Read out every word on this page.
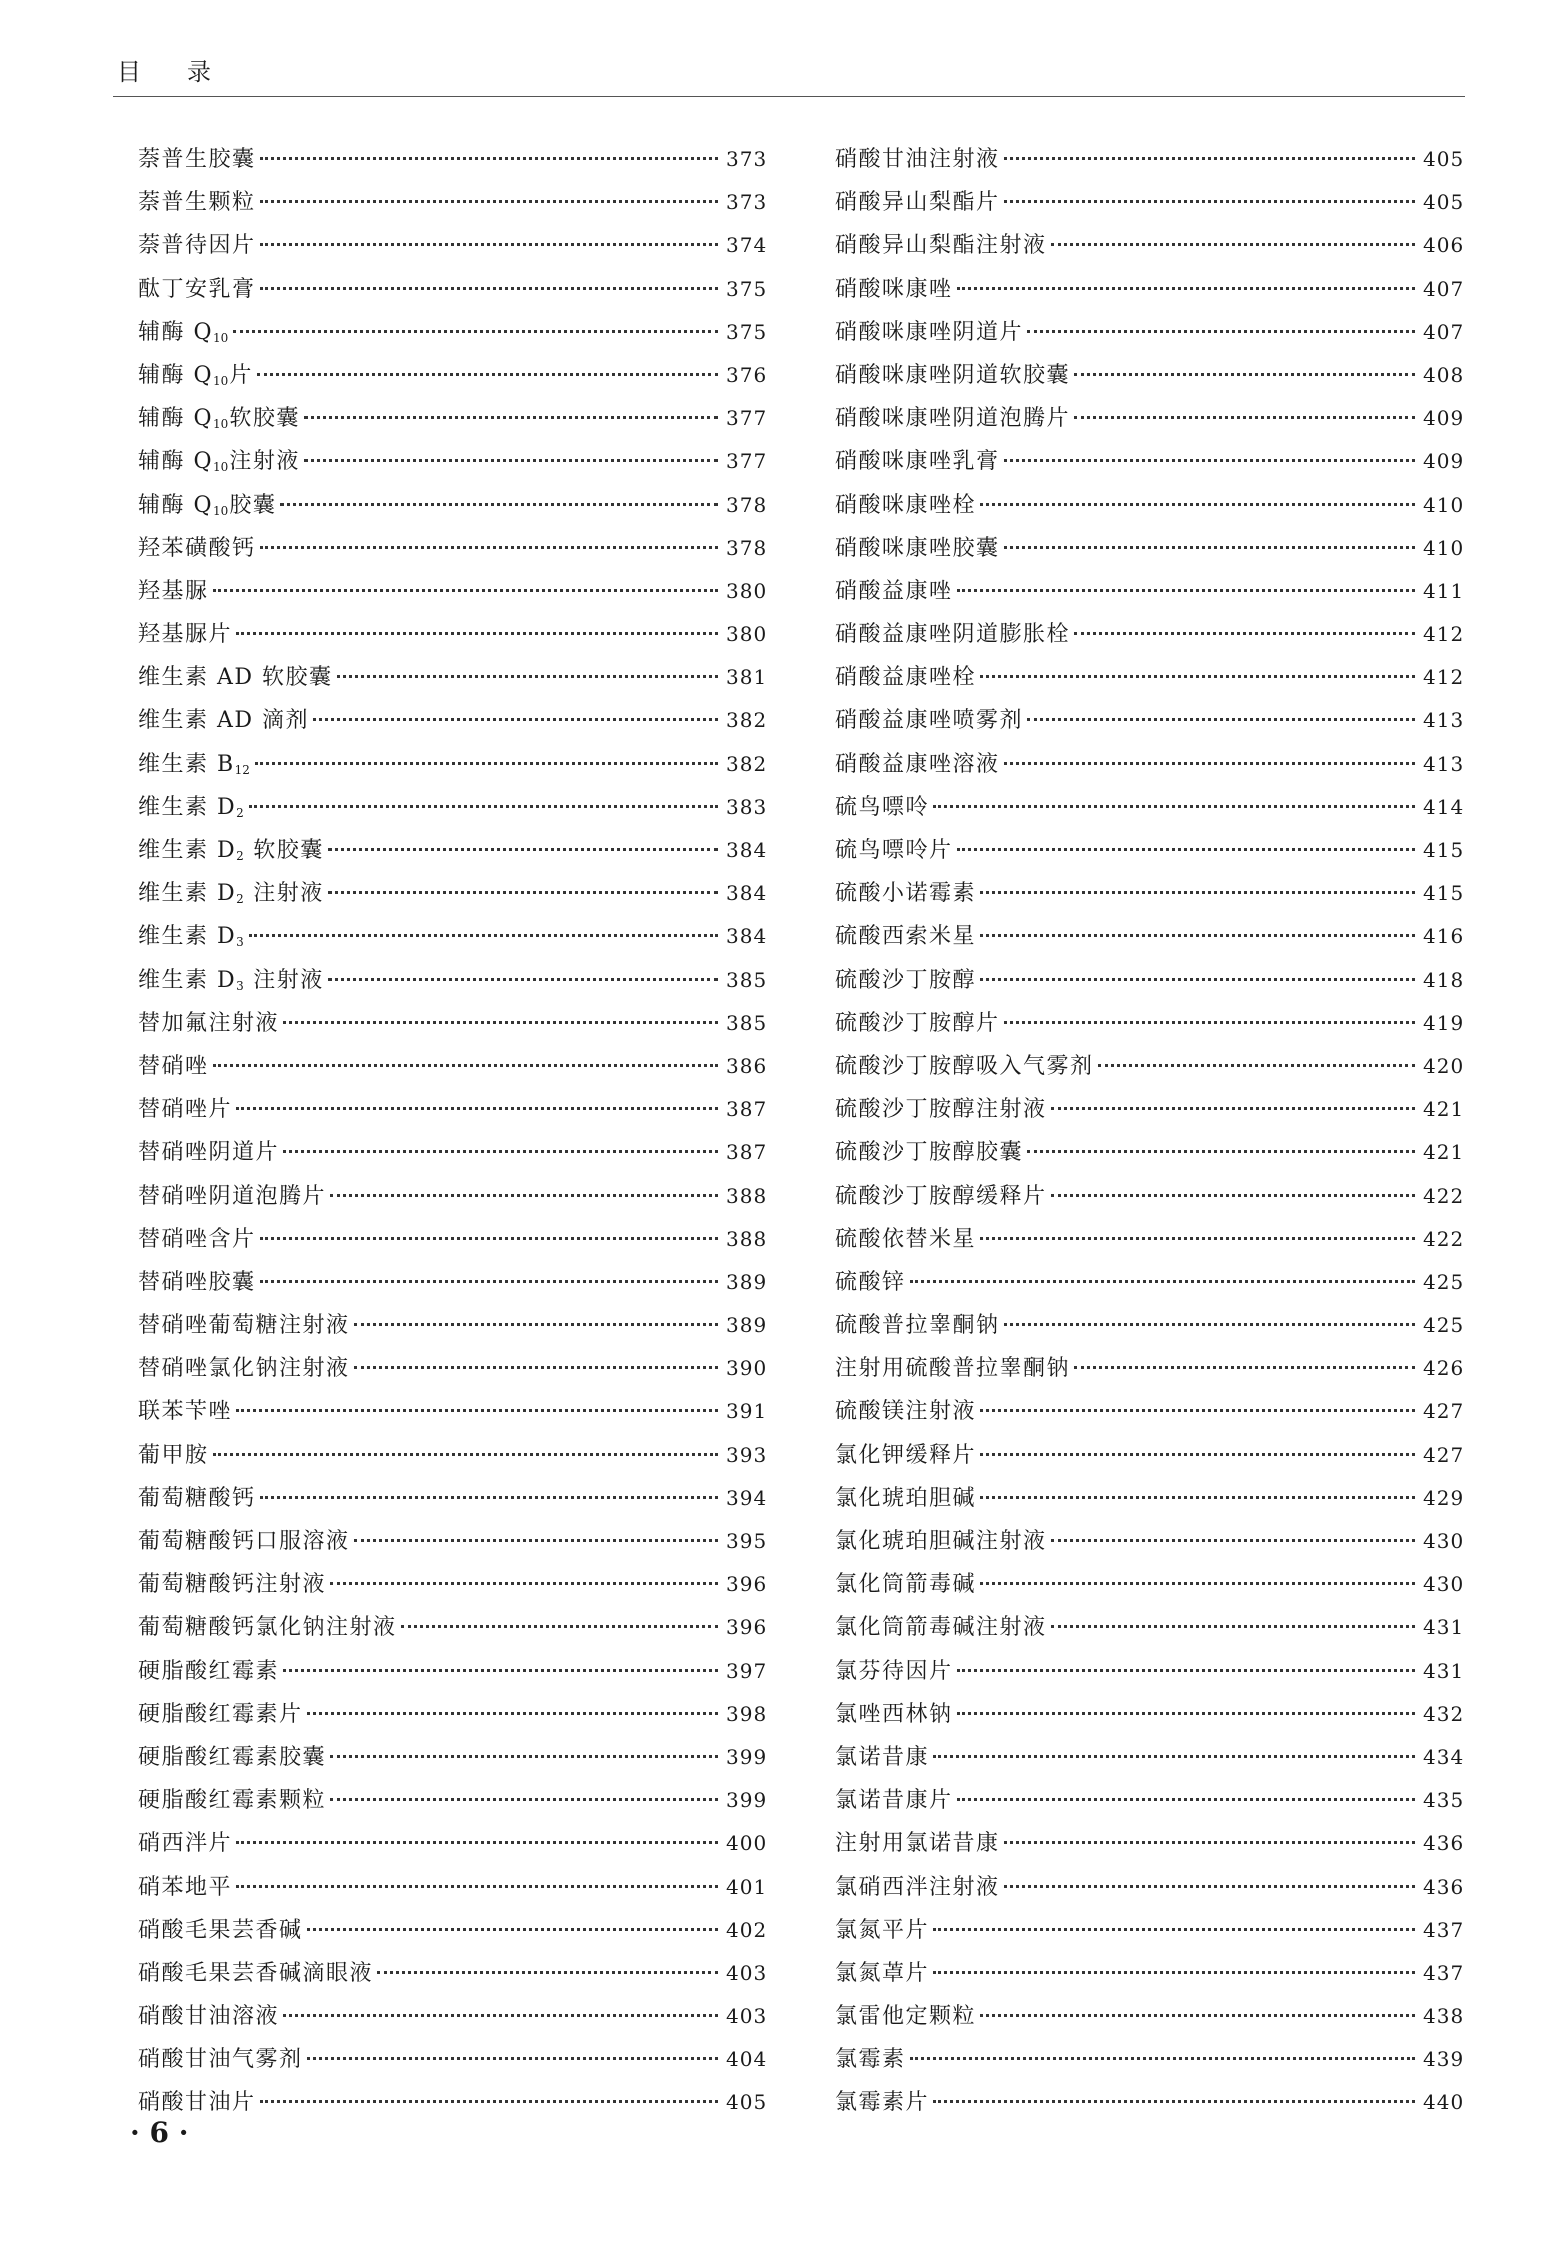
目录
萘普生胶囊	373
萘普生颗粒	373
萘普待因片	374
酞丁安乳膏	375
辅酶 $Q_{10}$	375
辅酶 $Q_{10}$片	376
辅酶 $Q_{10}$软胶囊	377
辅酶 $Q_{10}$注射液	377
辅酶 $Q_{10}$胶囊	378
羟苯磺酸钙	378
羟基脲	380
羟基脲片	380
维生素 AD 软胶囊	381
维生素 AD 滴剂	382
维生素 $B_{12}$	382
维生素 $D_2$	383
维生素 $D_2$ 软胶囊	384
维生素 $D_2$ 注射液	384
维生素 $D_3$	384
维生素 $D_3$ 注射液	385
替加氟注射液	385
替硝唑	386
替硝唑片	387
替硝唑阴道片	387
替硝唑阴道泡腾片	388
替硝唑含片	388
替硝唑胶囊	389
替硝唑葡萄糖注射液	389
替硝唑氯化钠注射液	390
联苯苄唑	391
葡甲胺	393
葡萄糖酸钙	394
葡萄糖酸钙口服溶液	395
葡萄糖酸钙注射液	396
葡萄糖酸钙氯化钠注射液	396
硬脂酸红霉素	397
硬脂酸红霉素片	398
硬脂酸红霉素胶囊	399
硬脂酸红霉素颗粒	399
硝西泮片	400
硝苯地平	401
硝酸毛果芸香碱	402
硝酸毛果芸香碱滴眼液	403
硝酸甘油溶液	403
硝酸甘油气雾剂	404
硝酸甘油片	405
硝酸甘油注射液	405
硝酸异山梨酯片	405
硝酸异山梨酯注射液	406
硝酸咪康唑	407
硝酸咪康唑阴道片	407
硝酸咪康唑阴道软胶囊	408
硝酸咪康唑阴道泡腾片	409
硝酸咪康唑乳膏	409
硝酸咪康唑栓	410
硝酸咪康唑胶囊	410
硝酸益康唑	411
硝酸益康唑阴道膨胀栓	412
硝酸益康唑栓	412
硝酸益康唑喷雾剂	413
硝酸益康唑溶液	413
硫鸟嘌呤	414
硫鸟嘌呤片	415
硫酸小诺霉素	415
硫酸西索米星	416
硫酸沙丁胺醇	418
硫酸沙丁胺醇片	419
硫酸沙丁胺醇吸入气雾剂	420
硫酸沙丁胺醇注射液	421
硫酸沙丁胺醇胶囊	421
硫酸沙丁胺醇缓释片	422
硫酸依替米星	422
硫酸锌	425
硫酸普拉睾酮钠	425
注射用硫酸普拉睾酮钠	426
硫酸镁注射液	427
氯化钾缓释片	427
氯化琥珀胆碱	429
氯化琥珀胆碱注射液	430
氯化筒箭毒碱	430
氯化筒箭毒碱注射液	431
氯芬待因片	431
氯唑西林钠	432
氯诺昔康	434
氯诺昔康片	435
注射用氯诺昔康	436
氯硝西泮注射液	436
氯氮平片	437
氯氮䓬片	437
氯雷他定颗粒	438
氯霉素	439
氯霉素片	440
· 6 ·
